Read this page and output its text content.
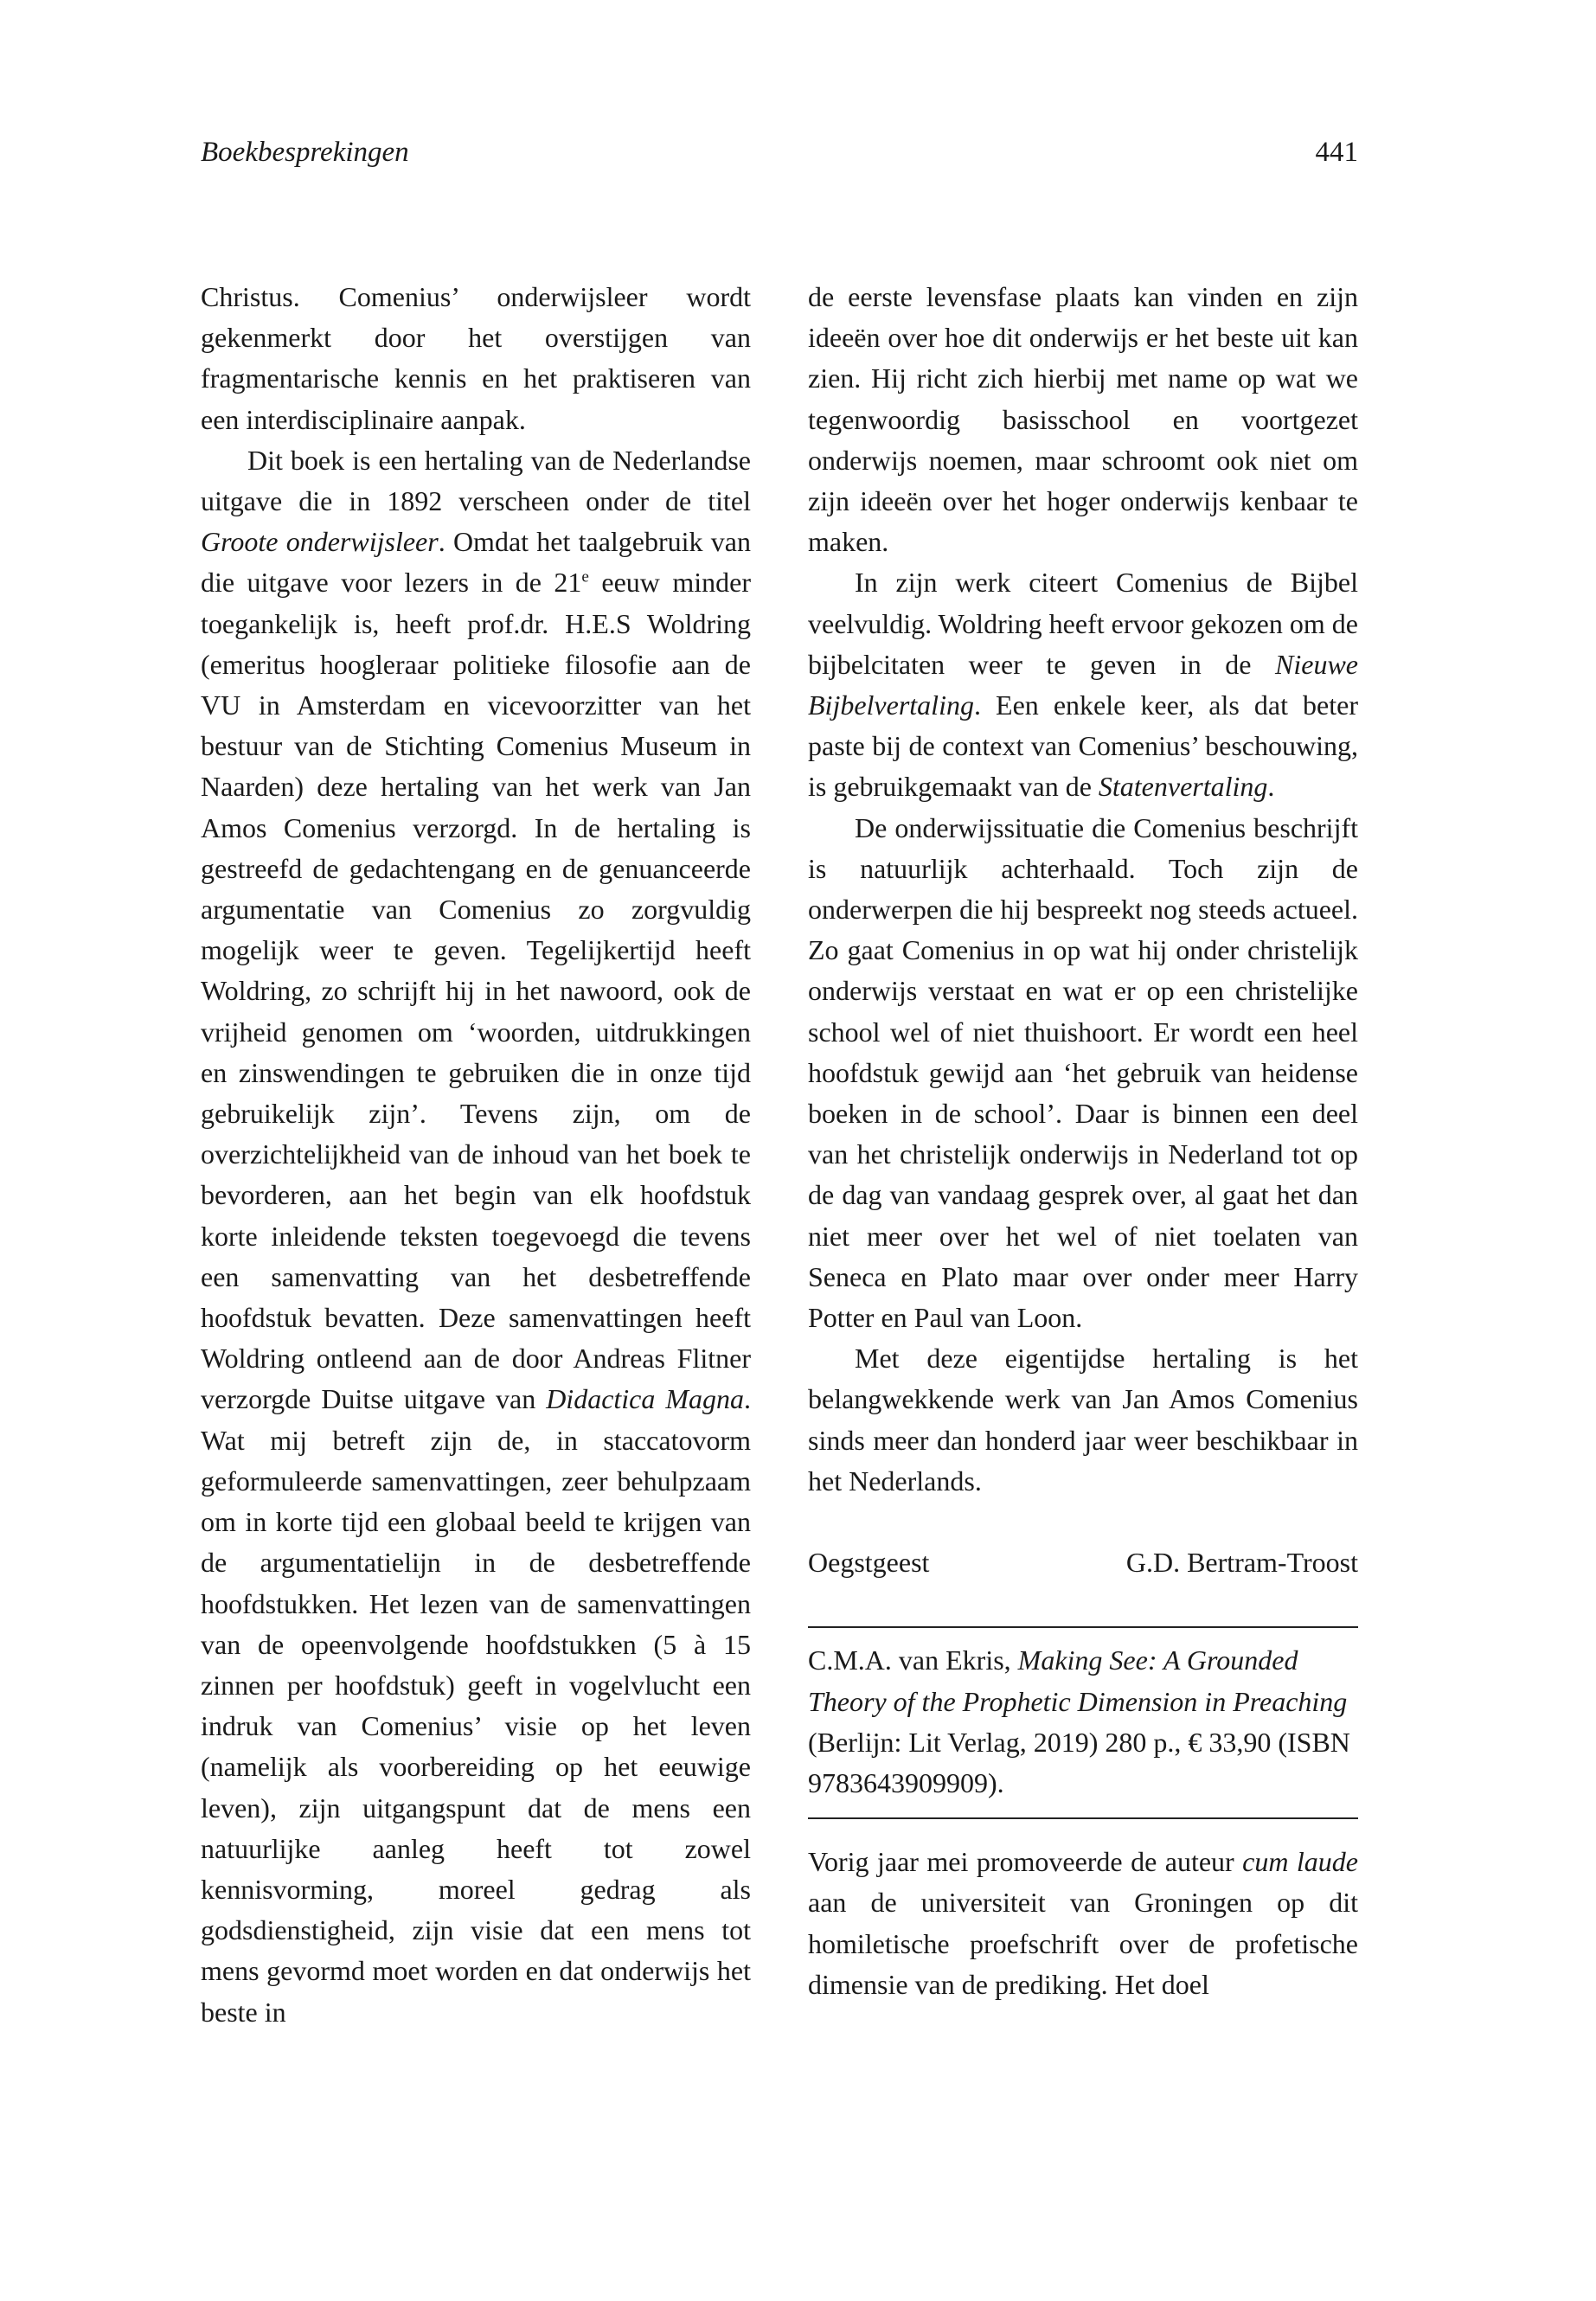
Boekbesprekingen	441

Christus. Comenius’ onderwijsleer wordt gekenmerkt door het overstijgen van fragmentarische kennis en het praktiseren van een interdisciplinaire aanpak.

Dit boek is een hertaling van de Nederlandse uitgave die in 1892 verscheen onder de titel Groote onderwijsleer. Omdat het taalgebruik van die uitgave voor lezers in de 21e eeuw minder toegankelijk is, heeft prof.dr. H.E.S Woldring (emeritus hoogleraar politieke filosofie aan de VU in Amsterdam en vicevoorzitter van het bestuur van de Stichting Comenius Museum in Naarden) deze hertaling van het werk van Jan Amos Comenius verzorgd. In de hertaling is gestreefd de gedachtengang en de genuanceerde argumentatie van Comenius zo zorgvuldig mogelijk weer te geven. Tegelijkertijd heeft Woldring, zo schrijft hij in het nawoord, ook de vrijheid genomen om ‘woorden, uitdrukkingen en zinswendingen te gebruiken die in onze tijd gebruikelijk zijn’. Tevens zijn, om de overzichtelijkheid van de inhoud van het boek te bevorderen, aan het begin van elk hoofdstuk korte inleidende teksten toegevoegd die tevens een samenvatting van het desbetreffende hoofdstuk bevatten. Deze samenvattingen heeft Woldring ontleend aan de door Andreas Flitner verzorgde Duitse uitgave van Didactica Magna. Wat mij betreft zijn de, in staccatovorm geformuleerde samenvattingen, zeer behulpzaam om in korte tijd een globaal beeld te krijgen van de argumentatielijn in de desbetreffende hoofdstukken. Het lezen van de samenvattingen van de opeenvolgende hoofdstukken (5 à 15 zinnen per hoofdstuk) geeft in vogelvlucht een indruk van Comenius’ visie op het leven (namelijk als voorbereiding op het eeuwige leven), zijn uitgangspunt dat de mens een natuurlijke aanleg heeft tot zowel kennisvorming, moreel gedrag als godsdienstigheid, zijn visie dat een mens tot mens gevormd moet worden en dat onderwijs het beste in

de eerste levensfase plaats kan vinden en zijn ideeën over hoe dit onderwijs er het beste uit kan zien. Hij richt zich hierbij met name op wat we tegenwoordig basisschool en voortgezet onderwijs noemen, maar schroomt ook niet om zijn ideeën over het hoger onderwijs kenbaar te maken.

In zijn werk citeert Comenius de Bijbel veelvuldig. Woldring heeft ervoor gekozen om de bijbelcitaten weer te geven in de Nieuwe Bijbelvertaling. Een enkele keer, als dat beter paste bij de context van Comenius’ beschouwing, is gebruikgemaakt van de Statenvertaling.

De onderwijssituatie die Comenius beschrijft is natuurlijk achterhaald. Toch zijn de onderwerpen die hij bespreekt nog steeds actueel. Zo gaat Comenius in op wat hij onder christelijk onderwijs verstaat en wat er op een christelijke school wel of niet thuishoort. Er wordt een heel hoofdstuk gewijd aan ‘het gebruik van heidense boeken in de school’. Daar is binnen een deel van het christelijk onderwijs in Nederland tot op de dag van vandaag gesprek over, al gaat het dan niet meer over het wel of niet toelaten van Seneca en Plato maar over onder meer Harry Potter en Paul van Loon.

Met deze eigentijdse hertaling is het belangwekkende werk van Jan Amos Comenius sinds meer dan honderd jaar weer beschikbaar in het Nederlands.

Oegstgeest	G.D. Bertram-Troost

C.M.A. van Ekris, Making See: A Grounded Theory of the Prophetic Dimension in Preaching (Berlijn: Lit Verlag, 2019) 280 p., € 33,90 (ISBN 9783643909909).

Vorig jaar mei promoveerde de auteur cum laude aan de universiteit van Groningen op dit homiletische proefschrift over de profetische dimensie van de prediking. Het doel
